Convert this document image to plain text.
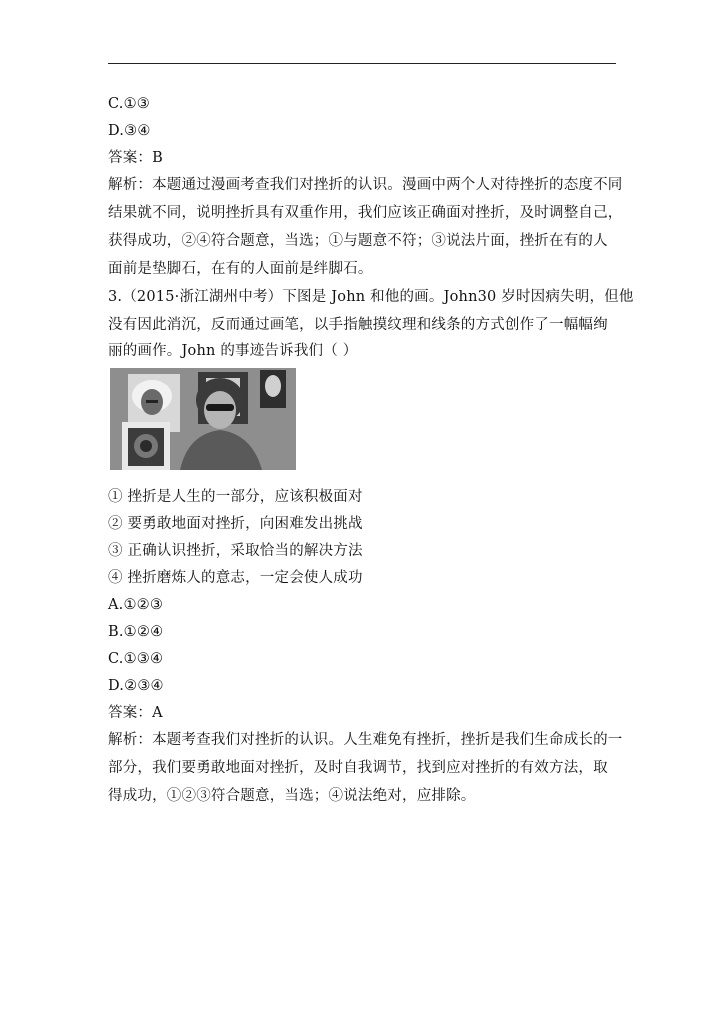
C.①③
D.③④
答案：B
解析：本题通过漫画考查我们对挫折的认识。漫画中两个人对待挫折的态度不同
结果就不同，说明挫折具有双重作用，我们应该正确面对挫折，及时调整自己，
获得成功，②④符合题意，当选；①与题意不符；③说法片面，挫折在有的人
面前是垫脚石，在有的人面前是绊脚石。
3.（2015·浙江湖州中考）下图是 John 和他的画。John30 岁时因病失明，但他
没有因此消沉，反而通过画笔，以手指触摸纹理和线条的方式创作了一幅幅绚
丽的画作。John 的事迹告诉我们（ ）
① 挫折是人生的一部分，应该积极面对
② 要勇敢地面对挫折，向困难发出挑战
③ 正确认识挫折，采取恰当的解决方法
④ 挫折磨炼人的意志，一定会使人成功
A.①②③
B.①②④
C.①③④
D.②③④
答案：A
解析：本题考查我们对挫折的认识。人生难免有挫折，挫折是我们生命成长的一
部分，我们要勇敢地面对挫折，及时自我调节，找到应对挫折的有效方法，取
得成功，①②③符合题意，当选；④说法绝对，应排除。
